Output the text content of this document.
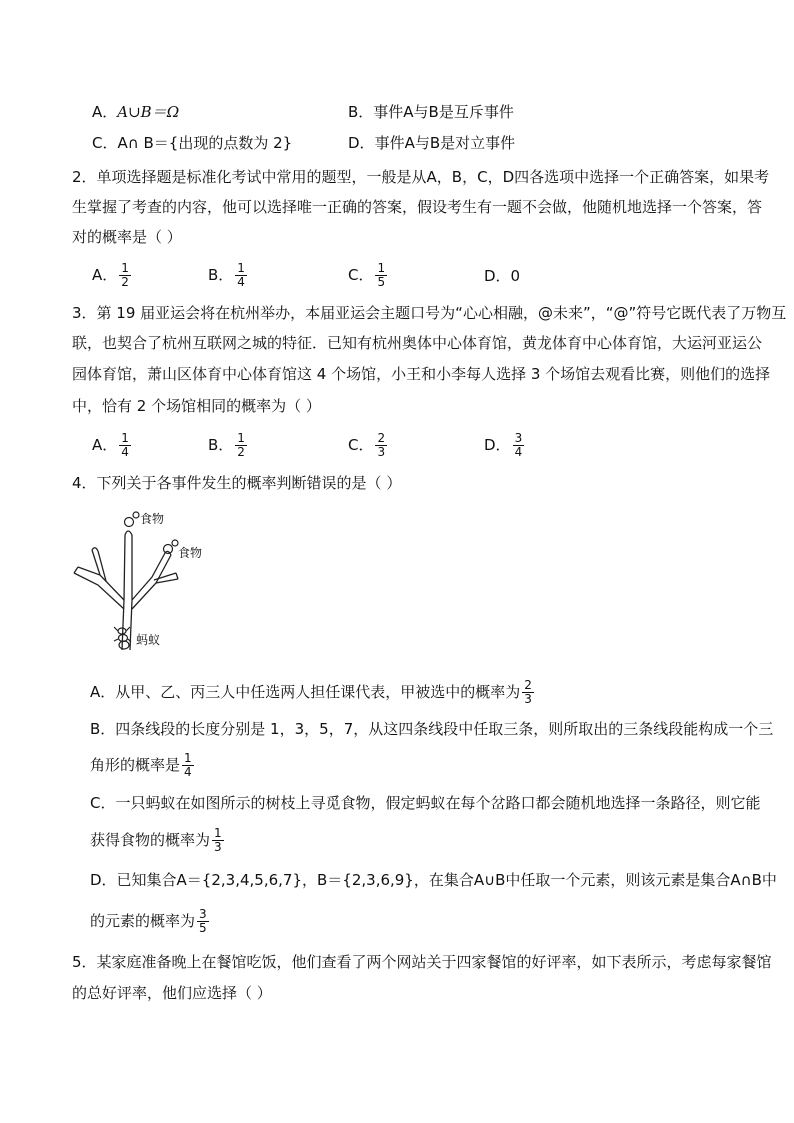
A．A∪B＝Ω	B．事件A与B是互斥事件
C．A∩ B＝{出现的点数为 2}	D．事件A与B是对立事件
2．单项选择题是标准化考试中常用的题型，一般是从A，B，C，D四各选项中选择一个正确答案，如果考
生掌握了考查的内容，他可以选择唯一正确的答案，假设考生有一题不会做，他随机地选择一个答案，答
对的概率是（ ）
A． $\frac{1}{2}$	B． $\frac{1}{4}$	C． $\frac{1}{5}$	D．0
3．第 19 届亚运会将在杭州举办，本届亚运会主题口号为“心心相融，@未来”，“@”符号它既代表了万物互
联，也契合了杭州互联网之城的特征．已知有杭州奥体中心体育馆，黄龙体育中心体育馆，大运河亚运公
园体育馆，萧山区体育中心体育馆这 4 个场馆，小王和小李每人选择 3 个场馆去观看比赛，则他们的选择
中，恰有 2 个场馆相同的概率为（ ）
A． $\frac{1}{4}$	B． $\frac{1}{2}$	C． $\frac{2}{3}$	D． $\frac{3}{4}$
4．下列关于各事件发生的概率判断错误的是（ ）
食物
食物
蚂蚁
A．从甲、乙、丙三人中任选两人担任课代表，甲被选中的概率为 $\frac{2}{3}$
B．四条线段的长度分别是 1，3，5，7，从这四条线段中任取三条，则所取出的三条线段能构成一个三
角形的概率是 $\frac{1}{4}$
C．一只蚂蚁在如图所示的树枝上寻觅食物，假定蚂蚁在每个岔路口都会随机地选择一条路径，则它能
获得食物的概率为 $\frac{1}{3}$
D．已知集合A＝{2,3,4,5,6,7}，B＝{2,3,6,9}，在集合A∪B中任取一个元素，则该元素是集合A∩B中
的元素的概率为 $\frac{3}{5}$
5．某家庭准备晚上在餐馆吃饭，他们查看了两个网站关于四家餐馆的好评率，如下表所示，考虑每家餐馆
的总好评率，他们应选择（ ）
